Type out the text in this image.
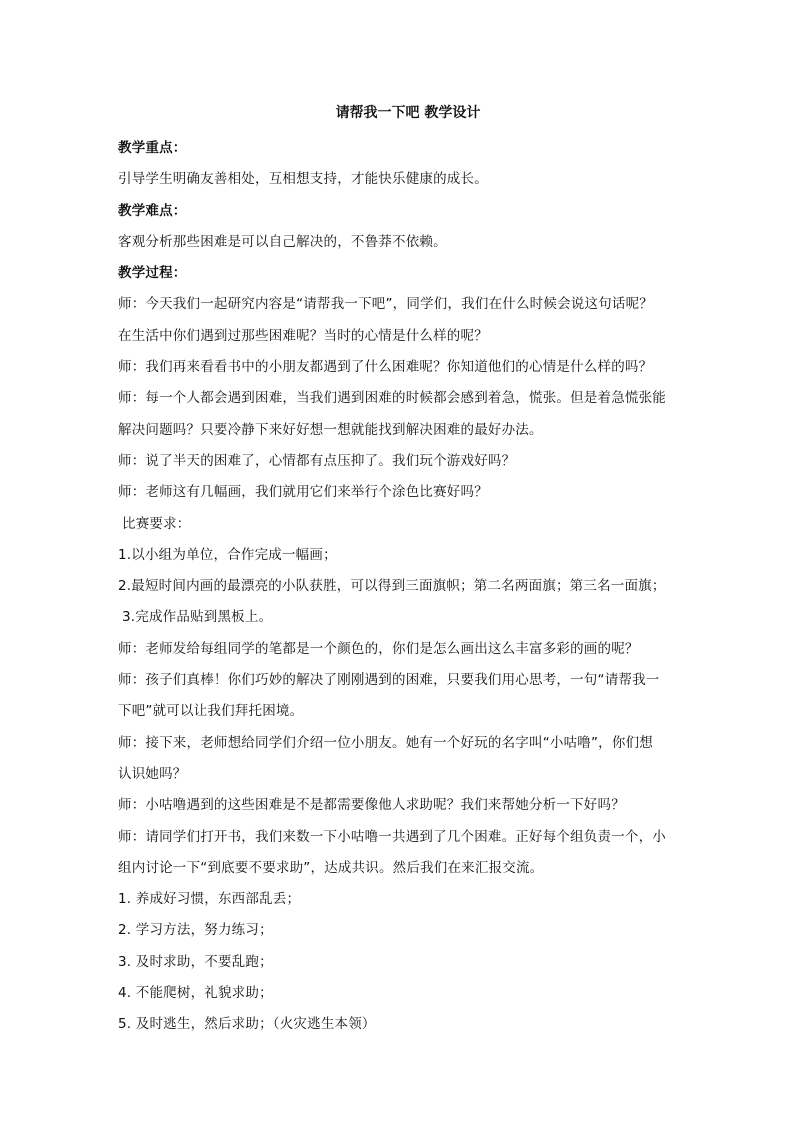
请帮我一下吧 教学设计
教学重点：
引导学生明确友善相处，互相想支持，才能快乐健康的成长。
教学难点：
客观分析那些困难是可以自己解决的，不鲁莽不依赖。
教学过程：
师：今天我们一起研究内容是“请帮我一下吧”，同学们，我们在什么时候会说这句话呢？
在生活中你们遇到过那些困难呢？当时的心情是什么样的呢？
师：我们再来看看书中的小朋友都遇到了什么困难呢？你知道他们的心情是什么样的吗？
师：每一个人都会遇到困难，当我们遇到困难的时候都会感到着急，慌张。但是着急慌张能
解决问题吗？只要冷静下来好好想一想就能找到解决困难的最好办法。
师：说了半天的困难了，心情都有点压抑了。我们玩个游戏好吗？
师：老师这有几幅画，我们就用它们来举行个涂色比赛好吗？
比赛要求：
1.以小组为单位，合作完成一幅画；
2.最短时间内画的最漂亮的小队获胜，可以得到三面旗帜；第二名两面旗；第三名一面旗；
3.完成作品贴到黑板上。
师：老师发给每组同学的笔都是一个颜色的，你们是怎么画出这么丰富多彩的画的呢？
师：孩子们真棒！你们巧妙的解决了刚刚遇到的困难，只要我们用心思考，一句“请帮我一
下吧”就可以让我们拜托困境。
师：接下来，老师想给同学们介绍一位小朋友。她有一个好玩的名字叫“小咕噜”，你们想
认识她吗？
师：小咕噜遇到的这些困难是不是都需要像他人求助呢？我们来帮她分析一下好吗？
师：请同学们打开书，我们来数一下小咕噜一共遇到了几个困难。正好每个组负责一个，小
组内讨论一下“到底要不要求助”，达成共识。然后我们在来汇报交流。
1. 养成好习惯，东西部乱丢；
2. 学习方法，努力练习；
3. 及时求助，不要乱跑；
4. 不能爬树，礼貌求助；
5. 及时逃生，然后求助；（火灾逃生本领）
